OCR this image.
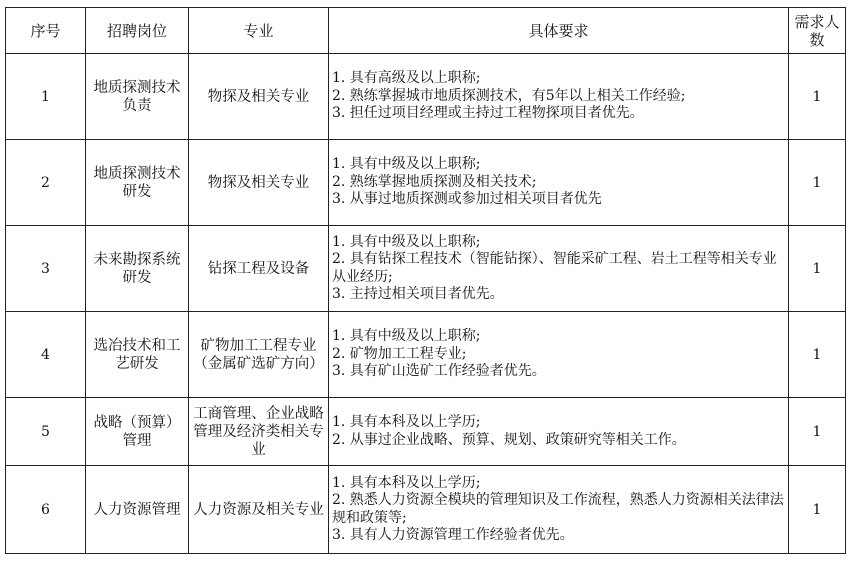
序号	招聘岗位	专业	具体要求	需求人数
1	地质探测技术负责	物探及相关专业	1. 具有高级及以上职称;
2. 熟练掌握城市地质探测技术，有5年以上相关工作经验;
3. 担任过项目经理或主持过工程物探项目者优先。	1
2	地质探测技术研发	物探及相关专业	1. 具有中级及以上职称;
2. 熟练掌握地质探测及相关技术;
3. 从事过地质探测或参加过相关项目者优先	1
3	未来勘探系统研发	钻探工程及设备	1. 具有中级及以上职称;
2. 具有钻探工程技术（智能钻探）、智能采矿工程、岩土工程等相关专业从业经历;
3. 主持过相关项目者优先。	1
4	选冶技术和工艺研发	矿物加工工程专业（金属矿选矿方向）	1. 具有中级及以上职称;
2. 矿物加工工程专业;
3. 具有矿山选矿工作经验者优先。	1
5	战略（预算）管理	工商管理、企业战略管理及经济类相关专业	1. 具有本科及以上学历;
2. 从事过企业战略、预算、规划、政策研究等相关工作。	1
6	人力资源管理	人力资源及相关专业	1. 具有本科及以上学历;
2. 熟悉人力资源全模块的管理知识及工作流程，熟悉人力资源相关法律法规和政策等;
3. 具有人力资源管理工作经验者优先。	1
